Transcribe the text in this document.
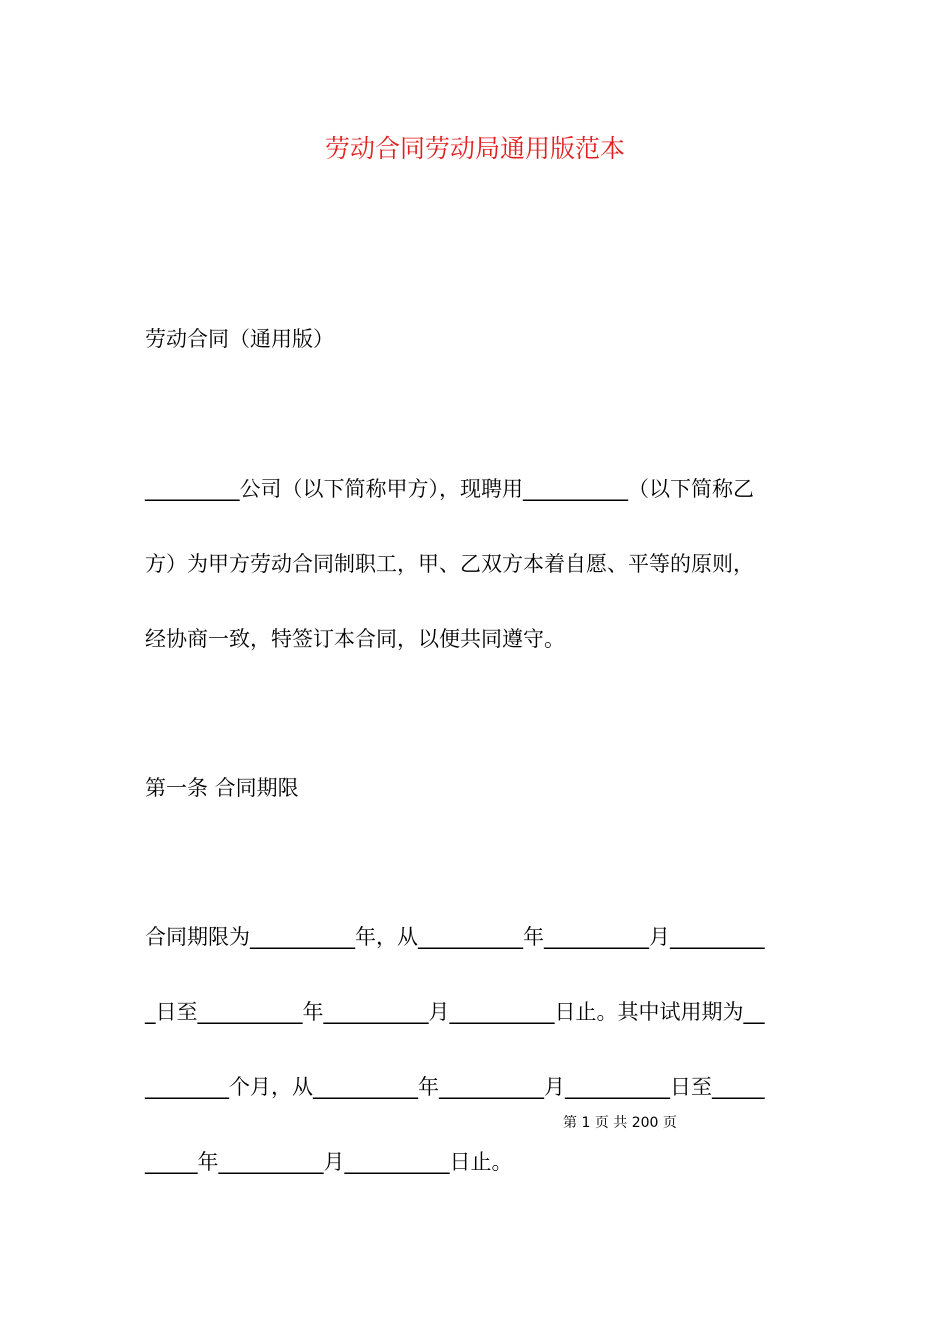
劳动合同劳动局通用版范本
劳动合同（通用版）
_________公司（以下简称甲方），现聘用__________（以下简称乙
方）为甲方劳动合同制职工，甲、乙双方本着自愿、平等的原则，
经协商一致，特签订本合同，以便共同遵守。
第一条 合同期限
合同期限为__________年，从__________年__________月_________
_日至__________年__________月__________日止。其中试用期为__
________个月，从__________年__________月__________日至_____
第 1 页 共 200 页
_____年__________月__________日止。
